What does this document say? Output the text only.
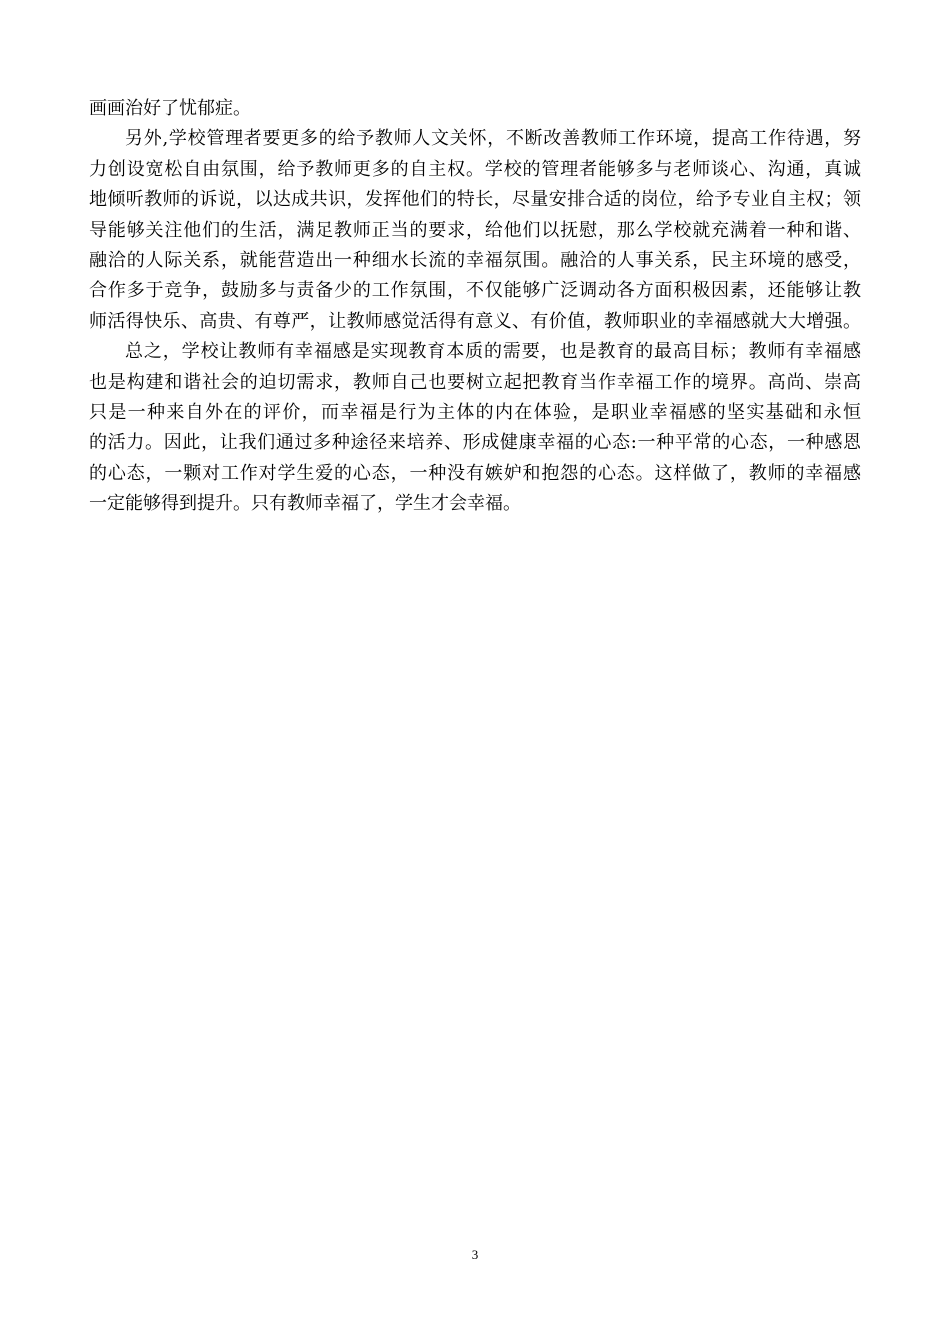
画画治好了忧郁症。
另外,学校管理者要更多的给予教师人文关怀，不断改善教师工作环境，提高工作待遇，努
力创设宽松自由氛围，给予教师更多的自主权。学校的管理者能够多与老师谈心、沟通，真诚
地倾听教师的诉说，以达成共识，发挥他们的特长，尽量安排合适的岗位，给予专业自主权；领
导能够关注他们的生活，满足教师正当的要求，给他们以抚慰，那么学校就充满着一种和谐、
融洽的人际关系，就能营造出一种细水长流的幸福氛围。融洽的人事关系，民主环境的感受，
合作多于竞争，鼓励多与责备少的工作氛围，不仅能够广泛调动各方面积极因素，还能够让教
师活得快乐、高贵、有尊严，让教师感觉活得有意义、有价值，教师职业的幸福感就大大增强。
总之，学校让教师有幸福感是实现教育本质的需要，也是教育的最高目标；教师有幸福感
也是构建和谐社会的迫切需求，教师自己也要树立起把教育当作幸福工作的境界。高尚、崇高
只是一种来自外在的评价，而幸福是行为主体的内在体验，是职业幸福感的坚实基础和永恒
的活力。因此，让我们通过多种途径来培养、形成健康幸福的心态:一种平常的心态，一种感恩
的心态，一颗对工作对学生爱的心态，一种没有嫉妒和抱怨的心态。这样做了，教师的幸福感
一定能够得到提升。只有教师幸福了，学生才会幸福。
3
